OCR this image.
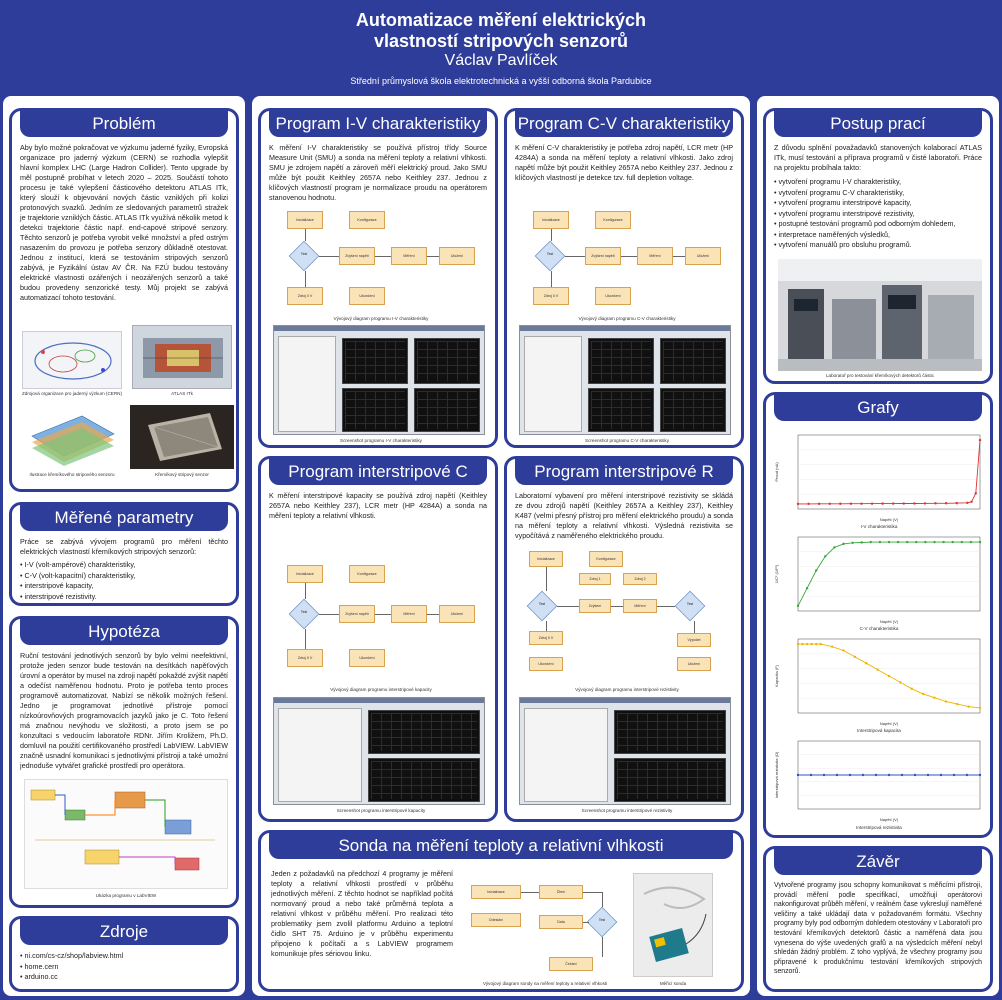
Automatizace měření elektrických
vlastností stripových senzorů
Václav Pavlíček
Střední průmyslová škola elektrotechnická a vyšší odborná škola Pardubice
Problém
Aby bylo možné pokračovat ve výzkumu jaderné fyziky, Evropská organizace pro jaderný výzkum (CERN) se rozhodla vylepšit hlavní komplex LHC (Large Hadron Collider). Tento upgrade by měl postupně probíhat v letech 2020 – 2025. Součástí tohoto procesu je také vylepšení částicového detektoru ATLAS ITk, který slouží k objevování nových částic vzniklých při kolizi protonových svazků. Jedním ze sledovaných parametrů stražek je trajektorie vzniklých částic. ATLAS ITk využívá několik metod k detekci trajektorie částic např. end-capové stripové senzory. Těchto senzorů je potřeba vyrobit velké množství a před ostrým nasazením do provozu je potřeba senzory důkladně otestovat. Jednou z institucí, která se testováním stripových senzorů zabývá, je Fyzikální ústav AV ČR. Na FZÚ budou testovány elektrické vlastnosti ozářených i neozářených senzorů a také budou provedeny senzorické testy. Můj projekt se zabývá automatizací tohoto testování.
Zdrojová organizace pro jaderný výzkum (CERN)	ATLAS ITk
Ilustrace křemíkového stripového senzoru	Křemíkový stripový senzor
Měřené parametry
Práce se zabývá vývojem programů pro měření těchto elektrických vlastností křemíkových stripových senzorů:
• I-V (volt-ampérové) charakteristiky,
• C-V (volt-kapacitní) charakteristiky,
• interstripové kapacity,
• interstripové rezistivity.
Hypotéza
Ruční testování jednotlivých senzorů by bylo velmi neefektivní, protože jeden senzor bude testován na desítkách napěťových úrovní a operátor by musel na zdroji napětí pokaždé zvýšit napětí a odečíst naměřenou hodnotu. Proto je potřeba tento proces programově automatizovat. Nabízí se několik možných řešení. Jedno je programovat jednotlivé přístroje pomocí nízkoúrovňových programovacích jazyků jako je C. Toto řešení má značnou nevýhodu ve složitosti, a proto jsem se po konzultaci s vedoucím laboratoře RDNr. Jiřím Kroližem, Ph.D. domluvil na použití certifikovaného prostředí LabVIEW. LabVIEW značně usnadní komunikaci s jednotlivými přístroji a také umožní jednoduše vytvářet grafické prostředí pro operátora.
Ukázka programu v LabVIEW
Zdroje
• ni.com/cs-cz/shop/labview.html
• home.cern
• arduino.cc
Program I-V charakteristiky
K měření I-V charakteristiky se používá přístroj třídy Source Measure Unit (SMU) a sonda na měření teploty a relativní vlhkosti. SMU je zdrojem napětí a zároveň měří elektrický proud. Jako SMU může být použit Keithley 2657A nebo Keithley 237. Jednou z klíčových vlastností program je normalizace proudu na operátorem stanovenou hodnotu.
Inicializace	Konfigurace
Test	Zvýšení napětí	Měření	Uložení
Zdroj 0 V	Ukončení
Vývojový diagram programu I-V charakteristiky
Screenshot programu I-V charakteristiky
Program C-V charakteristiky
K měření C-V charakteristiky je potřeba zdroj napětí, LCR metr (HP 4284A) a sonda na měření teploty a relativní vlhkosti. Jako zdroj napětí může být použit Keithley 2657A nebo Keithley 237. Jednou z klíčových vlastností je detekce tzv. full depletion voltage.
Inicializace	Konfigurace
Test	Zvýšení napětí	Měření	Uložení
Zdroj 0 V	Ukončení
Vývojový diagram programu C-V charakteristiky
Screenshot programu C-V charakteristiky
Program interstripové C
K měření interstripové kapacity se používá zdroj napětí (Keithley 2657A nebo Keithley 237), LCR metr (HP 4284A) a sonda na měření teploty a relativní vlhkosti.
Inicializace	Konfigurace
Test	Zvýšení napětí	Měření	Uložení
Zdroj 0 V	Ukončení
Vývojový diagram programu interstripové kapacity
Screenshot programu interstripové kapacity
Program interstripové R
Laboratorní vybavení pro měření interstripové rezistivity se skládá ze dvou zdrojů napětí (Keithley 2657A a Keithley 237), Keithley K487 (velmi přesný přístroj pro měření elektrického proudu) a sonda na měření teploty a relativní vlhkosti. Výsledná rezistivita se vypočítává z naměřeného elektrického proudu.
Inicializace	Konfigurace
Zdroj 1	Zdroj 2
Test	Zvýšení	Měření	Test
Zdroj 0 V
Ukončení
Výpočet
Uložení
Vývojový diagram programu interstripové rezistivity
Screenshot programu interstripové rezistivity
Sonda na měření teploty a relativní vlhkosti
Jeden z požadavků na předchozí 4 programy je měření teploty a relativní vlhkosti prostředí v průběhu jednotlivých měření. Z těchto hodnot se například počítá normovaný proud a nebo také průměrná teplota a relativní vlhkost v průběhu měření. Pro realizaci této problematiky jsem zvolil platformu Arduino a teplotní čidlo SHT 75. Arduino je v průběhu experimentu připojeno k počítači a s LabVIEW programem komunikuje přes sériovou linku.
Inicializace	Čtení
Odeslání	Data	Test
Čekání
Vývojový diagram sondy na měření teploty a relativní vlhkosti	Měřicí sonda
Postup prací
Z důvodu splnění považadavků stanovených kolaborací ATLAS ITk, musí testování a příprava programů v čisté laboratoři. Práce na projektu probíhala takto:
• vytvoření programu I-V charakteristiky,
• vytvoření programu C-V charakteristiky,
• vytvoření programu interstripové kapacity,
• vytvoření programu interstripové rezistivity,
• postupné testování programů pod odborným dohledem,
• interpretace naměřených výsledků,
• vytvoření manuálů pro obsluhu programů.
Laboratoř pro testování křemíkových detektorů částic
Grafy
Napětí (V)
Proud (nA)
I-V charakteristika
Napětí (V)
1/C² (1/F²)
C-V charakteristika
Napětí (V)
Kapacita (F)
Interstripová kapacita
Napětí (V)
Interstripová rezistivita (Ω)
Interstripová rezistivita
Závěr
Vytvořené programy jsou schopny komunikovat s měřicími přístroji, provádí měření podle specifikací, umožňují operátorovi nakonfigurovat průběh měření, v reálném čase vykreslují naměřené veličiny a také ukládají data v požadovaném formátu. Všechny programy byly pod odborným dohledem otestovány v Laboratoři pro testování křemíkových detektorů částic a naměřená data jsou vynesena do výše uvedených grafů a na výsledcích měření nebyl shledán žádný problém. Z toho vyplývá, že všechny programy jsou připravené k produkčnímu testování křemíkových stripových senzorů.
